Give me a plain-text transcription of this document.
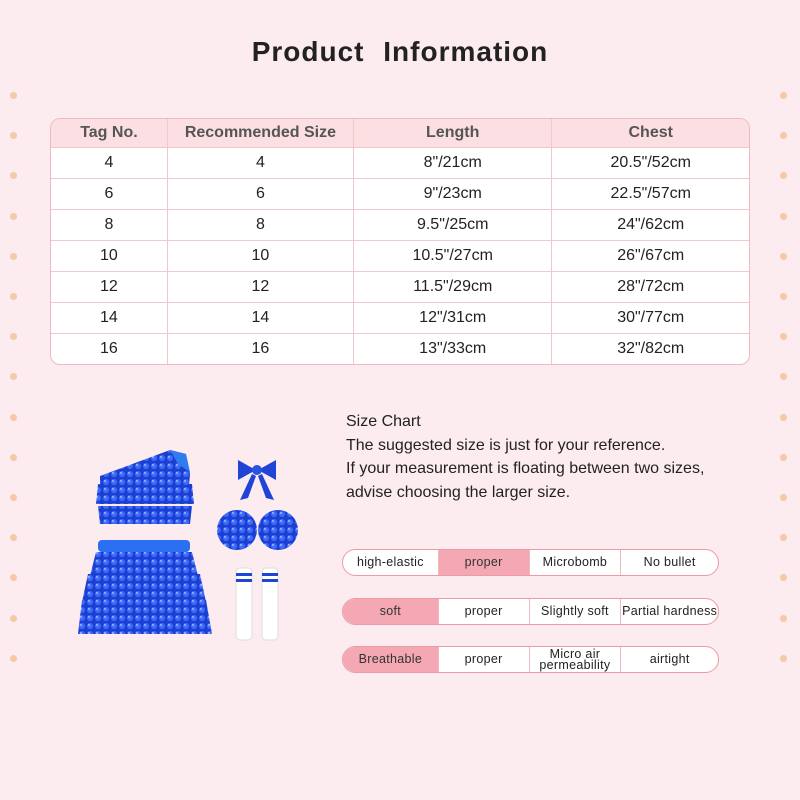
Product Information
Tag No.	Recommended Size	Length	Chest
4	4	8"/21cm	20.5"/52cm
6	6	9"/23cm	22.5"/57cm
8	8	9.5"/25cm	24"/62cm
10	10	10.5"/27cm	26"/67cm
12	12	11.5"/29cm	28"/72cm
14	14	12"/31cm	30"/77cm
16	16	13"/33cm	32"/82cm
Size Chart
The suggested size is just for your reference.
If your measurement is floating between two sizes,
advise choosing the larger size.
high-elastic	proper	Microbomb	No bullet
soft	proper	Slightly soft	Partial hardness
Breathable	proper	Micro air permeability	airtight
